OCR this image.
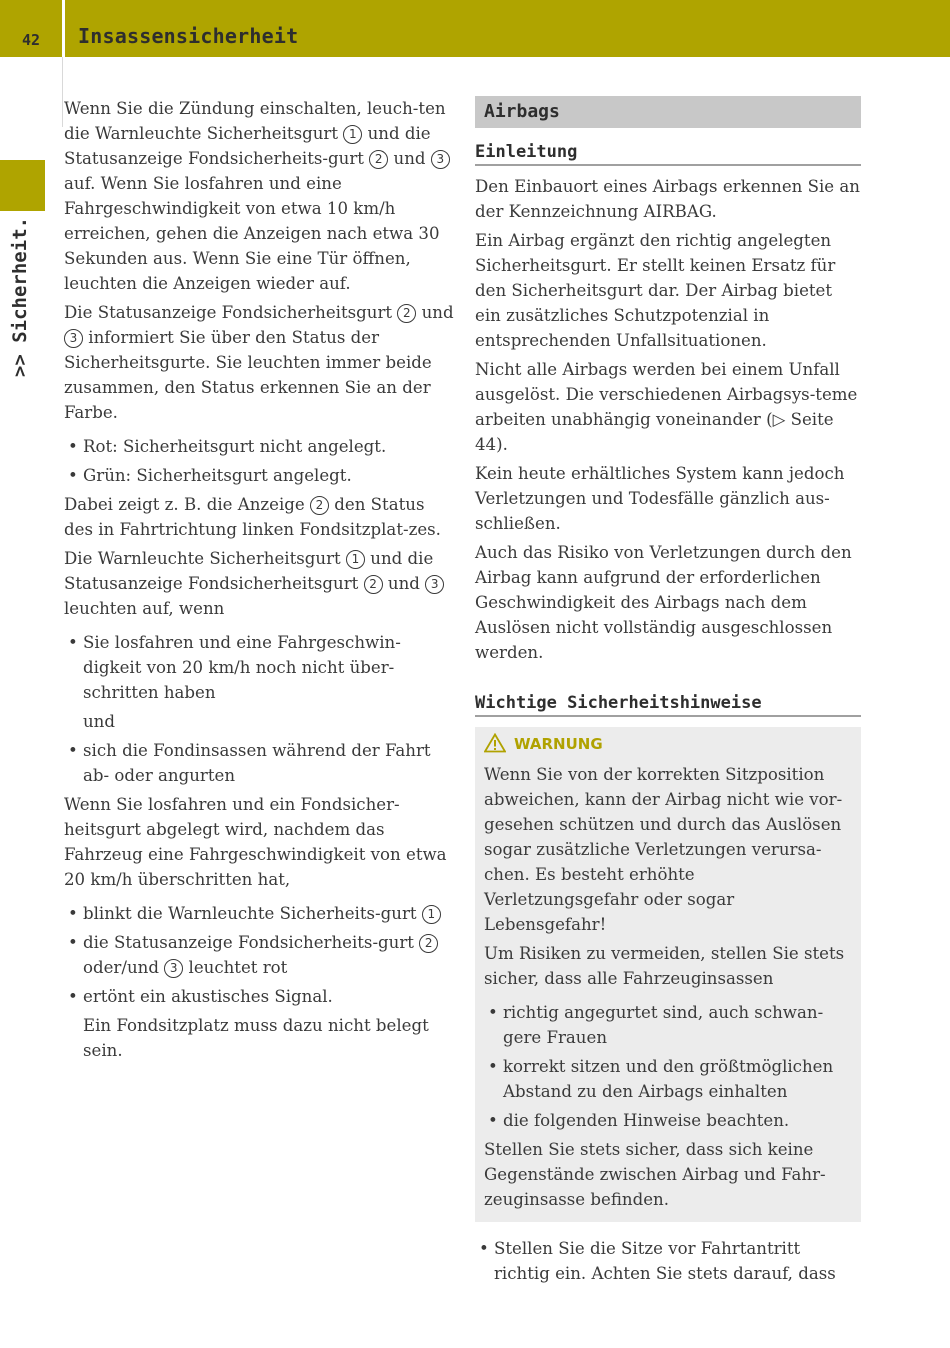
42	Insassensicherheit
>> Sicherheit.

Wenn Sie die Zündung einschalten, leuch-ten die Warnleuchte Sicherheitsgurt 1 und die Statusanzeige Fondsicherheits-gurt 2 und 3 auf. Wenn Sie losfahren und eine Fahrgeschwindigkeit von etwa 10 km/h erreichen, gehen die Anzeigen nach etwa 30 Sekunden aus. Wenn Sie eine Tür öffnen, leuchten die Anzeigen wieder auf.

Die Statusanzeige Fondsicherheitsgurt 2 und 3 informiert Sie über den Status der Sicherheitsgurte. Sie leuchten immer beide zusammen, den Status erkennen Sie an der Farbe.

• Rot: Sicherheitsgurt nicht angelegt.
• Grün: Sicherheitsgurt angelegt.

Dabei zeigt z. B. die Anzeige 2 den Status des in Fahrtrichtung linken Fondsitzplat-zes.

Die Warnleuchte Sicherheitsgurt 1 und die Statusanzeige Fondsicherheitsgurt 2 und 3 leuchten auf, wenn

• Sie losfahren und eine Fahrgeschwin-digkeit von 20 km/h noch nicht über-schritten haben
und
• sich die Fondinsassen während der Fahrt ab- oder angurten

Wenn Sie losfahren und ein Fondsicher-heitsgurt abgelegt wird, nachdem das Fahrzeug eine Fahrgeschwindigkeit von etwa 20 km/h überschritten hat,

• blinkt die Warnleuchte Sicherheits-gurt 1
• die Statusanzeige Fondsicherheits-gurt 2 oder/und 3 leuchtet rot
• ertönt ein akustisches Signal.
Ein Fondsitzplatz muss dazu nicht belegt sein.
Airbags
Einleitung

Den Einbauort eines Airbags erkennen Sie an der Kennzeichnung AIRBAG.

Ein Airbag ergänzt den richtig angelegten Sicherheitsgurt. Er stellt keinen Ersatz für den Sicherheitsgurt dar. Der Airbag bietet ein zusätzliches Schutzpotenzial in entsprechenden Unfallsituationen.

Nicht alle Airbags werden bei einem Unfall ausgelöst. Die verschiedenen Airbagsys-teme arbeiten unabhängig voneinander (▷ Seite 44).

Kein heute erhältliches System kann jedoch Verletzungen und Todesfälle gänzlich aus-schließen.

Auch das Risiko von Verletzungen durch den Airbag kann aufgrund der erforderlichen Geschwindigkeit des Airbags nach dem Auslösen nicht vollständig ausgeschlossen werden.

Wichtige Sicherheitshinweise
WARNUNG

Wenn Sie von der korrekten Sitzposition abweichen, kann der Airbag nicht wie vor-gesehen schützen und durch das Auslösen sogar zusätzliche Verletzungen verursa-chen. Es besteht erhöhte Verletzungsgefahr oder sogar Lebensgefahr!

Um Risiken zu vermeiden, stellen Sie stets sicher, dass alle Fahrzeuginsassen

• richtig angegurtet sind, auch schwan-gere Frauen
• korrekt sitzen und den größtmöglichen Abstand zu den Airbags einhalten
• die folgenden Hinweise beachten.

Stellen Sie stets sicher, dass sich keine Gegenstände zwischen Airbag und Fahr-zeuginsasse befinden.

• Stellen Sie die Sitze vor Fahrtantritt richtig ein. Achten Sie stets darauf, dass
